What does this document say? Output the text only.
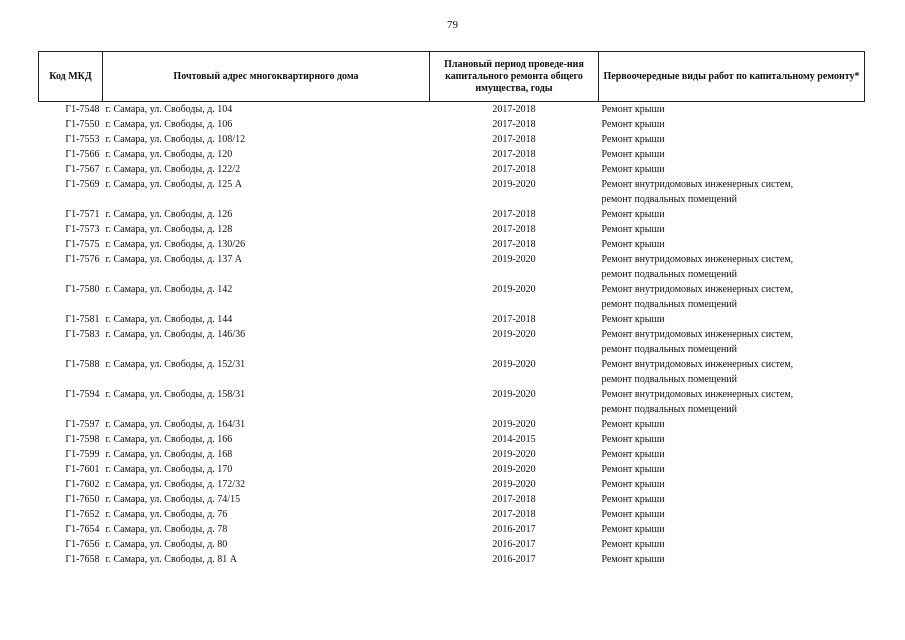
79
Код МКД	Почтовый адрес многоквартирного дома	Плановый период проведе-ния капитального ремонта общего имущества, годы	Первоочередные виды работ по капитальному ремонту*
Г1-7548	г. Самара, ул. Свободы, д. 104	2017-2018	Ремонт крыши

Г1-7550	г. Самара, ул. Свободы, д. 106	2017-2018	Ремонт крыши

Г1-7553	г. Самара, ул. Свободы, д. 108/12	2017-2018	Ремонт крыши

Г1-7566	г. Самара, ул. Свободы, д. 120	2017-2018	Ремонт крыши

Г1-7567	г. Самара, ул. Свободы, д. 122/2	2017-2018	Ремонт крыши

Г1-7569	г. Самара, ул. Свободы, д. 125 А	2019-2020	Ремонт внутридомовых инженерных систем,
ремонт подвальных помещений

Г1-7571	г. Самара, ул. Свободы, д. 126	2017-2018	Ремонт крыши

Г1-7573	г. Самара, ул. Свободы, д. 128	2017-2018	Ремонт крыши

Г1-7575	г. Самара, ул. Свободы, д. 130/26	2017-2018	Ремонт крыши

Г1-7576	г. Самара, ул. Свободы, д. 137 А	2019-2020	Ремонт внутридомовых инженерных систем,
ремонт подвальных помещений

Г1-7580	г. Самара, ул. Свободы, д. 142	2019-2020	Ремонт внутридомовых инженерных систем,
ремонт подвальных помещений

Г1-7581	г. Самара, ул. Свободы, д. 144	2017-2018	Ремонт крыши

Г1-7583	г. Самара, ул. Свободы, д. 146/36	2019-2020	Ремонт внутридомовых инженерных систем,
ремонт подвальных помещений

Г1-7588	г. Самара, ул. Свободы, д. 152/31	2019-2020	Ремонт внутридомовых инженерных систем,
ремонт подвальных помещений

Г1-7594	г. Самара, ул. Свободы, д. 158/31	2019-2020	Ремонт внутридомовых инженерных систем,
ремонт подвальных помещений

Г1-7597	г. Самара, ул. Свободы, д. 164/31	2019-2020	Ремонт крыши

Г1-7598	г. Самара, ул. Свободы, д. 166	2014-2015	Ремонт крыши

Г1-7599	г. Самара, ул. Свободы, д. 168	2019-2020	Ремонт крыши

Г1-7601	г. Самара, ул. Свободы, д. 170	2019-2020	Ремонт крыши

Г1-7602	г. Самара, ул. Свободы, д. 172/32	2019-2020	Ремонт крыши

Г1-7650	г. Самара, ул. Свободы, д. 74/15	2017-2018	Ремонт крыши

Г1-7652	г. Самара, ул. Свободы, д. 76	2017-2018	Ремонт крыши

Г1-7654	г. Самара, ул. Свободы, д. 78	2016-2017	Ремонт крыши

Г1-7656	г. Самара, ул. Свободы, д. 80	2016-2017	Ремонт крыши

Г1-7658	г. Самара, ул. Свободы, д. 81 А	2016-2017	Ремонт крыши
